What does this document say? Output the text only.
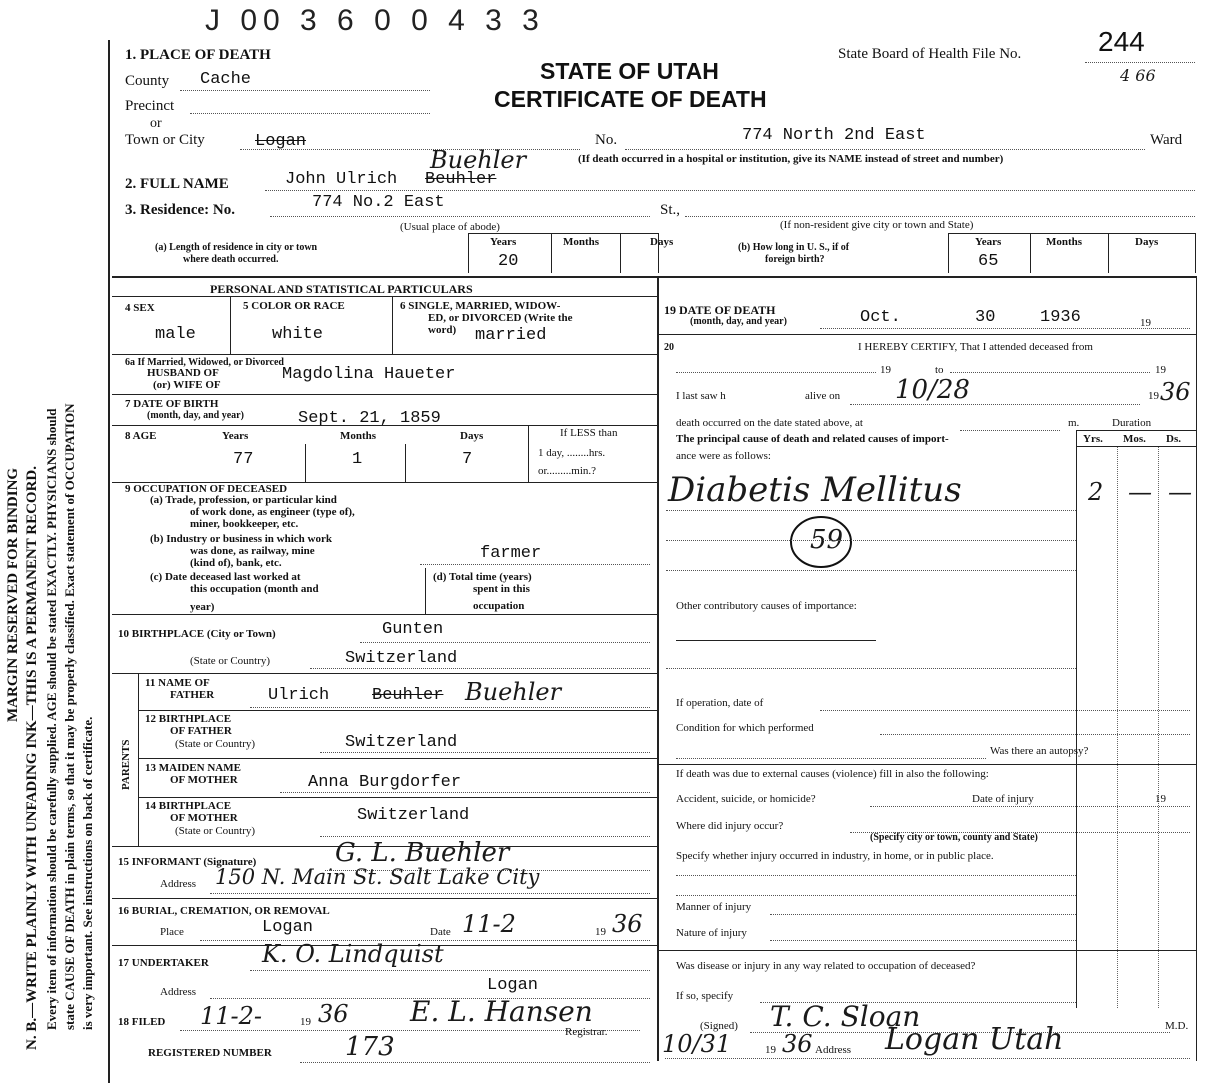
MARGIN RESERVED FOR BINDING N. B.—WRITE PLAINLY WITH UNFADING INK—THIS IS A PERMANENT RECORD. Every item of information should be carefully supplied. AGE should be stated EXACTLY. PHYSICIANS should state CAUSE OF DEATH in plain terms, so that it may be properly classified. Exact statement of OCCUPATION is very important. See instructions on back of certificate.
J 00 3 6 0 0 4 3 3
1. PLACE OF DEATH
STATE OF UTAH
CERTIFICATE OF DEATH
State Board of Health File No.	244
4 66
County Cache
Precinct
or
Town or City	Logan	No.	774 North 2nd East	Ward
(If death occurred in a hospital or institution, give its NAME instead of street and number)
2. FULL NAME	John Ulrich Beuhler
Buehler
3. Residence: No.	774 No.2 East	St.,
(Usual place of abode)	(If non-resident give city or town and State)
(a) Length of residence in city or town
where death occurred.
Years	Months	Days
20
(b) How long in U. S., if of
foreign birth?
Years	Months	Days
65
PERSONAL AND STATISTICAL PARTICULARS
4 SEX
male
5 COLOR OR RACE
white
6 SINGLE, MARRIED, WIDOW-
ED, or DIVORCED (Write the
word) married
6a If Married, Widowed, or Divorced
HUSBAND OF
(or) WIFE OF
Magdolina Haueter
7 DATE OF BIRTH
(month, day, and year)	Sept. 21, 1859
8 AGE	Years	Months	Days
77	1	7
If LESS than
1 day, ........hrs.
or.........min.?
9 OCCUPATION OF DECEASED
(a) Trade, profession, or particular kind
of work done, as engineer (type of),
miner, bookkeeper, etc.
(b) Industry or business in which work
was done, as railway, mine
(kind of), bank, etc.	farmer
(c) Date deceased last worked at
this occupation (month and
year)
(d) Total time (years)
spent in this
occupation
10 BIRTHPLACE (City or Town)	Gunten
(State or Country)	Switzerland
PARENTS
11 NAME OF
FATHER	Ulrich	Beuhler Buehler
12 BIRTHPLACE
OF FATHER
(State or Country)	Switzerland
13 MAIDEN NAME
OF MOTHER	Anna Burgdorfer
14 BIRTHPLACE
OF MOTHER
(State or Country)
Switzerland
15 INFORMANT (Signature)	G. L. Buehler
Address 150 N. Main St. Salt Lake City
16 BURIAL, CREMATION, OR REMOVAL
Place	Logan	Date 11-2	19 36
17 UNDERTAKER K. O. Lindquist
Address	Logan
18 FILED 11-2-	19 36 E. L. Hansen
Registrar.
REGISTERED NUMBER	173
19 DATE OF DEATH
(month, day, and year)	Oct.	30	1936	19
20	I HEREBY CERTIFY, That I attended deceased from
19	to	19
I last saw h	alive on 10/28	19 36
death occurred on the date stated above, at	m.	Duration
The principal cause of death and related causes of import-
ance were as follows:
Yrs. Mos. Ds.
Diabetis Mellitus	2 — —
59
Other contributory causes of importance:
If operation, date of
Condition for which performed
Was there an autopsy?
If death was due to external causes (violence) fill in also the following:
Accident, suicide, or homicide?	Date of injury	19
Where did injury occur?
(Specify city or town, county and State)
Specify whether injury occurred in industry, in home, or in public place.
Manner of injury
Nature of injury
Was disease or injury in any way related to occupation of deceased?
If so, specify
(Signed) T. C. Sloan	M.D.
10/31	19 36 Address Logan Utah
